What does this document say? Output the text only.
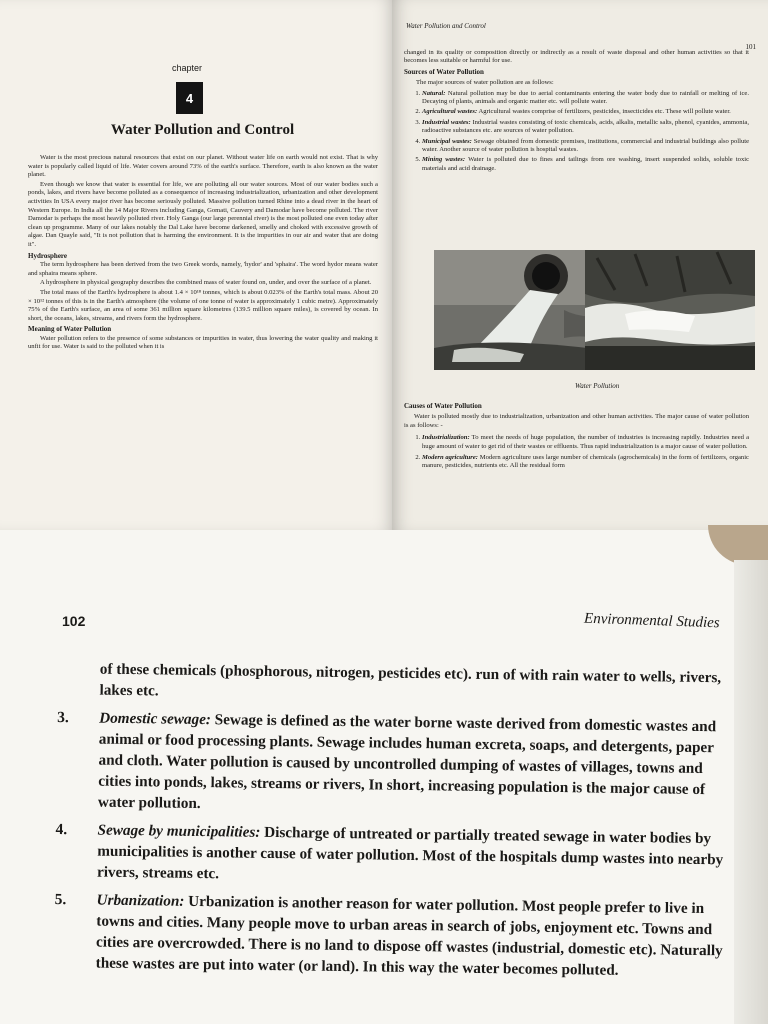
chapter
4
Water Pollution and Control

Water is the most precious natural resources that exist on our planet. Without water life on earth would not exist. That is why water is popularly called liquid of life. Water covers around 73% of the earth's surface. Therefore, earth is also known as the water planet.

Even though we know that water is essential for life, we are polluting all our water sources. Most of our water bodies such a ponds, lakes, and rivers have become polluted as a consequence of increasing industrialization, urbanization and other development activities In USA every major river has become seriously polluted. Massive pollution turned Rhine into a dead river in the heart of Western Europe. In India all the 14 Major Rivers including Ganga, Gomati, Cauvery and Damodar have become polluted. The river Damodar is perhaps the most heavily polluted river. Holy Ganga (our large perennial river) is the most polluted one even today after clean up programme. Many of our lakes notably the Dal Lake have become darkened, smelly and choked with excessive growth of algae. Dan Quayle said, "It is not pollution that is harming the environment. It is the impurities in our air and water that are doing it".

Hydrosphere

The term hydrosphere has been derived from the two Greek words, namely, 'hydor' and 'sphaira'. The word hydor means water and sphaira means sphere.

A hydrosphere in physical geography describes the combined mass of water found on, under, and over the surface of a planet.

The total mass of the Earth's hydrosphere is about 1.4 × 10¹⁸ tonnes, which is about 0.023% of the Earth's total mass. About 20 × 10¹² tonnes of this is in the Earth's atmosphere (the volume of one tonne of water is approximately 1 cubic metre). Approximately 75% of the Earth's surface, an area of some 361 million square kilometres (139.5 million square miles), is covered by ocean. In short, the oceans, lakes, streams, and rivers form the hydrosphere.

Meaning of Water Pollution

Water pollution refers to the presence of some substances or impurities in water, thus lowering the water quality and making it unfit for use. Water is said to the polluted when it is

Water Pollution and Control
101

changed in its quality or composition directly or indirectly as a result of waste disposal and other human activities so that it becomes less suitable or harmful for use.

Sources of Water Pollution

The major sources of water pollution are as follows:

1. Natural: Natural pollution may be due to aerial contaminants entering the water body due to rainfall or melting of ice. Decaying of plants, animals and organic matter etc. will pollute water.
2. Agricultural wastes: Agricultural wastes comprise of fertilizers, pesticides, insecticides etc. These will pollute water.
3. Industrial wastes: Industrial wastes consisting of toxic chemicals, acids, alkalis, metallic salts, phenol, cyanides, ammonia, radioactive substances etc. are sources of water pollution.
4. Municipal wastes: Sewage obtained from domestic premises, institutions, commercial and industrial buildings also pollute water. Another source of water pollution is hospital wastes.
5. Mining wastes: Water is polluted due to fines and tailings from ore washing, insert suspended solids, soluble toxic materials and acid drainage.
Water Pollution
Causes of Water Pollution

Water is polluted mostly due to industrialization, urbanization and other human activities. The major cause of water pollution is as follows: -

1. Industrialization: To meet the needs of huge population, the number of industries is increasing rapidly. Industries need a huge amount of water to get rid of their wastes or effluents. Thus rapid industrialization is a major cause of water pollution.
2. Modern agriculture: Modern agriculture uses large number of chemicals (agrochemicals) in the form of fertilizers, organic manure, pesticides, nutrients etc. All the residual form
102	Environmental Studies

of these chemicals (phosphorous, nitrogen, pesticides etc). run of with rain water to wells, rivers, lakes etc.

3.	Domestic sewage: Sewage is defined as the water borne waste derived from domestic wastes and animal or food processing plants. Sewage includes human excreta, soaps, and detergents, paper and cloth. Water pollution is caused by uncontrolled dumping of wastes of villages, towns and cities into ponds, lakes, streams or rivers, In short, increasing population is the major cause of water pollution.
4.	Sewage by municipalities: Discharge of untreated or partially treated sewage in water bodies by municipalities is another cause of water pollution. Most of the hospitals dump wastes into nearby rivers, streams etc.
5.	Urbanization: Urbanization is another reason for water pollution. Most people prefer to live in towns and cities. Many people move to urban areas in search of jobs, enjoyment etc. Towns and cities are overcrowded. There is no land to dispose off wastes (industrial, domestic etc). Naturally these wastes are put into water (or land). In this way the water becomes polluted.
